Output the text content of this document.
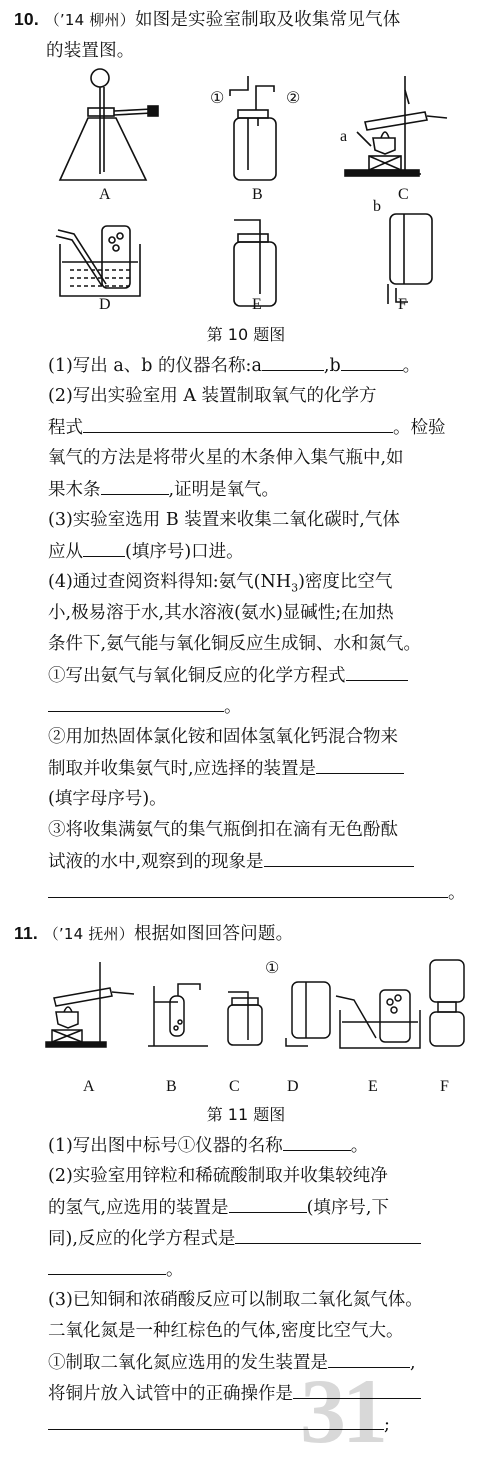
10. （’14 柳州）如图是实验室制取及收集常见气体
的装置图。
A	B	C
D	E	F
a
b
①	②
第 10 题图
(1)写出 a、b 的仪器名称:a	,b	。
(2)写出实验室用 A 装置制取氧气的化学方
程式	。检验
氧气的方法是将带火星的木条伸入集气瓶中,如
果木条	,证明是氧气。
(3)实验室选用 B 装置来收集二氧化碳时,气体
应从 (填序号)口进。
(4)通过查阅资料得知:氨气$(NH_3)$密度比空气
小,极易溶于水,其水溶液(氨水)显碱性;在加热
条件下,氨气能与氧化铜反应生成铜、水和氮气。
①写出氨气与氧化铜反应的化学方程式
。
②用加热固体氯化铵和固体氢氧化钙混合物来
制取并收集氨气时,应选择的装置是
(填字母序号)。
③将收集满氨气的集气瓶倒扣在滴有无色酚酞
试液的水中,观察到的现象是
。
11. （’14 抚州）根据如图回答问题。
A	B	C	D	E	F
①
第 11 题图
(1)写出图中标号①仪器的名称	。
(2)实验室用锌粒和稀硫酸制取并收集较纯净
的氢气,应选用的装置是	(填序号,下
同),反应的化学方程式是
。
(3)已知铜和浓硝酸反应可以制取二氧化氮气体。
二氧化氮是一种红棕色的气体,密度比空气大。
31
①制取二氧化氮应选用的发生装置是	,
将铜片放入试管中的正确操作是
;
